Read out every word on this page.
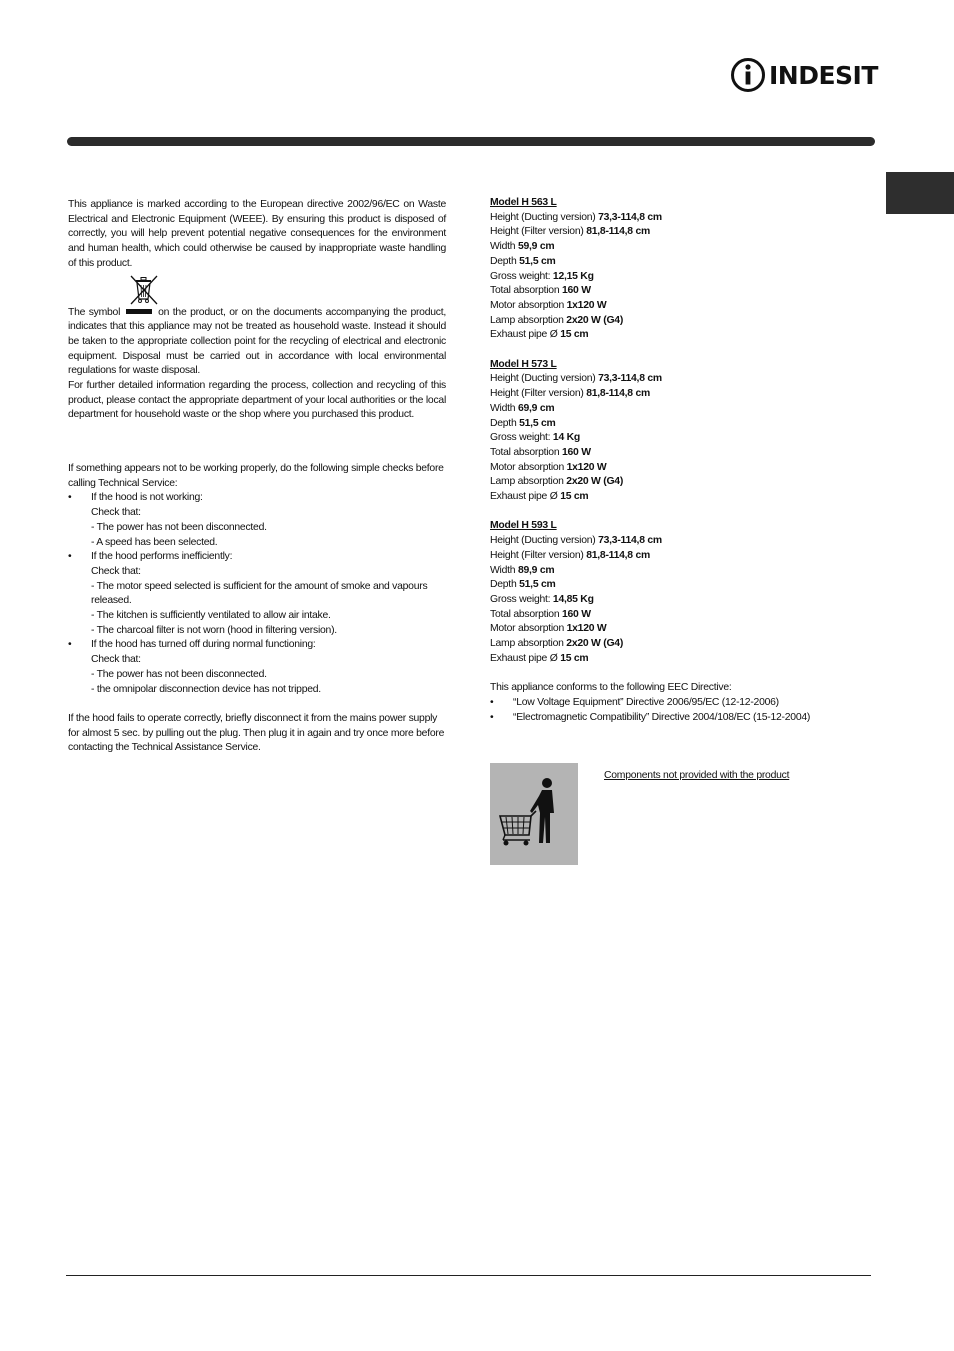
INDESIT

This appliance is marked according to the European directive 2002/96/EC on Waste Electrical and Electronic Equipment (WEEE). By ensuring this product is disposed of correctly, you will help prevent potential negative consequences for the environment and human health, which could otherwise be caused by inappropriate waste handling of this product.

The symbol	on the product, or on the documents accompanying the product, indicates that this appliance may not be treated as household waste. Instead it should be taken to the appropriate collection point for the recycling of electrical and electronic equipment. Disposal must be carried out in accordance with local environmental regulations for waste disposal.

For further detailed information regarding the process, collection and recycling of this product, please contact the appropriate department of your local authorities or the local department for household waste or the shop where you purchased this product.

If something appears not to be working properly, do the following simple checks before calling Technical Service:

•	If the hood is not working:

Check that:

- The power has not been disconnected.

- A speed has been selected.

•	If the hood performs inefficiently:

Check that:

- The motor speed selected is sufficient for the amount of smoke and vapours released.

- The kitchen is sufficiently ventilated to allow air intake.

- The charcoal filter is not worn (hood in filtering version).

•	If the hood has turned off during normal functioning:

Check that:

- The power has not been disconnected.

- the omnipolar disconnection device has not tripped.

If the hood fails to operate correctly, briefly disconnect it from the mains power supply for almost 5 sec. by pulling out the plug. Then plug it in again and try once more before contacting the Technical Assistance Service.

Model H 563 L

Height (Ducting version) 73,3-114,8 cm

Height (Filter version) 81,8-114,8 cm

Width 59,9 cm

Depth 51,5 cm

Gross weight: 12,15 Kg

Total absorption 160 W

Motor absorption 1x120 W

Lamp absorption 2x20 W (G4)

Exhaust pipe Ø 15 cm

Model H 573 L

Height (Ducting version) 73,3-114,8 cm

Height (Filter version) 81,8-114,8 cm

Width 69,9 cm

Depth 51,5 cm

Gross weight: 14 Kg

Total absorption 160 W

Motor absorption 1x120 W

Lamp absorption 2x20 W (G4)

Exhaust pipe Ø 15 cm

Model H 593 L

Height (Ducting version) 73,3-114,8 cm

Height (Filter version) 81,8-114,8 cm

Width 89,9 cm

Depth 51,5 cm

Gross weight: 14,85 Kg

Total absorption 160 W

Motor absorption 1x120 W

Lamp absorption 2x20 W (G4)

Exhaust pipe Ø 15 cm

This appliance conforms to the following EEC Directive:

•	“Low Voltage Equipment” Directive 2006/95/EC (12-12-2006)
•	“Electromagnetic Compatibility” Directive 2004/108/EC (15-12-2004)
Components not provided with the product
